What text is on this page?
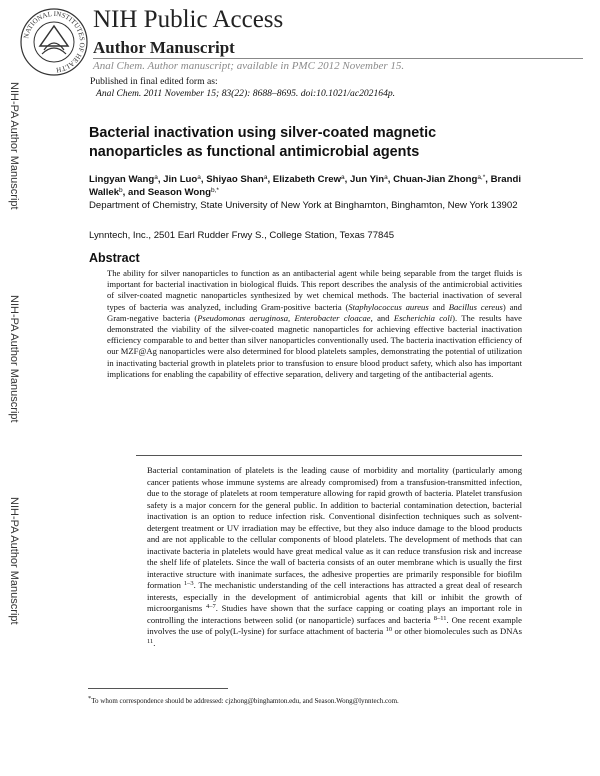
NATIONAL INSTITUTES OF HEALTH
NIH Public Access
Author Manuscript
Anal Chem. Author manuscript; available in PMC 2012 November 15.
Published in final edited form as:
Anal Chem. 2011 November 15; 83(22): 8688–8695. doi:10.1021/ac202164p.
NIH-PA Author Manuscript
NIH-PA Author Manuscript
NIH-PA Author Manuscript
Bacterial inactivation using silver-coated magnetic nanoparticles as functional antimicrobial agents
Lingyan Wang$^a$, Jin Luo$^a$, Shiyao Shan$^a$, Elizabeth Crew$^a$, Jun Yin$^a$, Chuan-Jian Zhong$^{a,*}$, Brandi Wallek$^b$, and Season Wong$^{b,*}$
Department of Chemistry, State University of New York at Binghamton, Binghamton, New York 13902
Lynntech, Inc., 2501 Earl Rudder Frwy S., College Station, Texas 77845
Abstract
The ability for silver nanoparticles to function as an antibacterial agent while being separable from the target fluids is important for bacterial inactivation in biological fluids. This report describes the analysis of the antimicrobial activities of silver-coated magnetic nanoparticles synthesized by wet chemical methods. The bacterial inactivation of several types of bacteria was analyzed, including Gram-positive bacteria (Staphylococcus aureus and Bacillus cereus) and Gram-negative bacteria (Pseudomonas aeruginosa, Enterobacter cloacae, and Escherichia coli). The results have demonstrated the viability of the silver-coated magnetic nanoparticles for achieving effective bacterial inactivation efficiency comparable to and better than silver nanoparticles conventionally used. The bacteria inactivation efficiency of our MZF@Ag nanoparticles were also determined for blood platelets samples, demonstrating the potential of utilization in inactivating bacterial growth in platelets prior to transfusion to ensure blood product safety, which also has important implications for enabling the capability of effective separation, delivery and targeting of the antibacterial agents.
Bacterial contamination of platelets is the leading cause of morbidity and mortality (particularly among cancer patients whose immune systems are already compromised) from a transfusion-transmitted infection, due to the storage of platelets at room temperature allowing for rapid growth of bacteria. Platelet transfusion safety is a major concern for the general public. In addition to bacterial contamination detection, bacterial inactivation is an option to reduce infection risk. Conventional disinfection techniques such as solvent-detergent treatment or UV irradiation may be effective, but they also induce damage to the blood products and are not applicable to the cellular components of blood platelets. The development of methods that can inactivate bacteria in platelets would have great medical value as it can reduce transfusion risk and increase the shelf life of platelets. Since the wall of bacteria consists of an outer membrane which is usually the first interactive structure with inanimate surfaces, the adhesive properties are primarily responsible for biofilm formation $^{1-3}$. The mechanistic understanding of the cell interactions has attracted a great deal of research interests, especially in the development of antimicrobial agents that kill or inhibit the growth of microorganisms $^{4-7}$. Studies have shown that the surface capping or coating plays an important role in controlling the interactions between solid (or nanoparticle) surfaces and bacteria $^{8-11}$. One recent example involves the use of poly(L-lysine) for surface attachment of bacteria $^{10}$ or other biomolecules such as DNAs $^{11}$.
*To whom correspondence should be addressed: cjzhong@binghamton.edu, and Season.Wong@lynntech.com.
